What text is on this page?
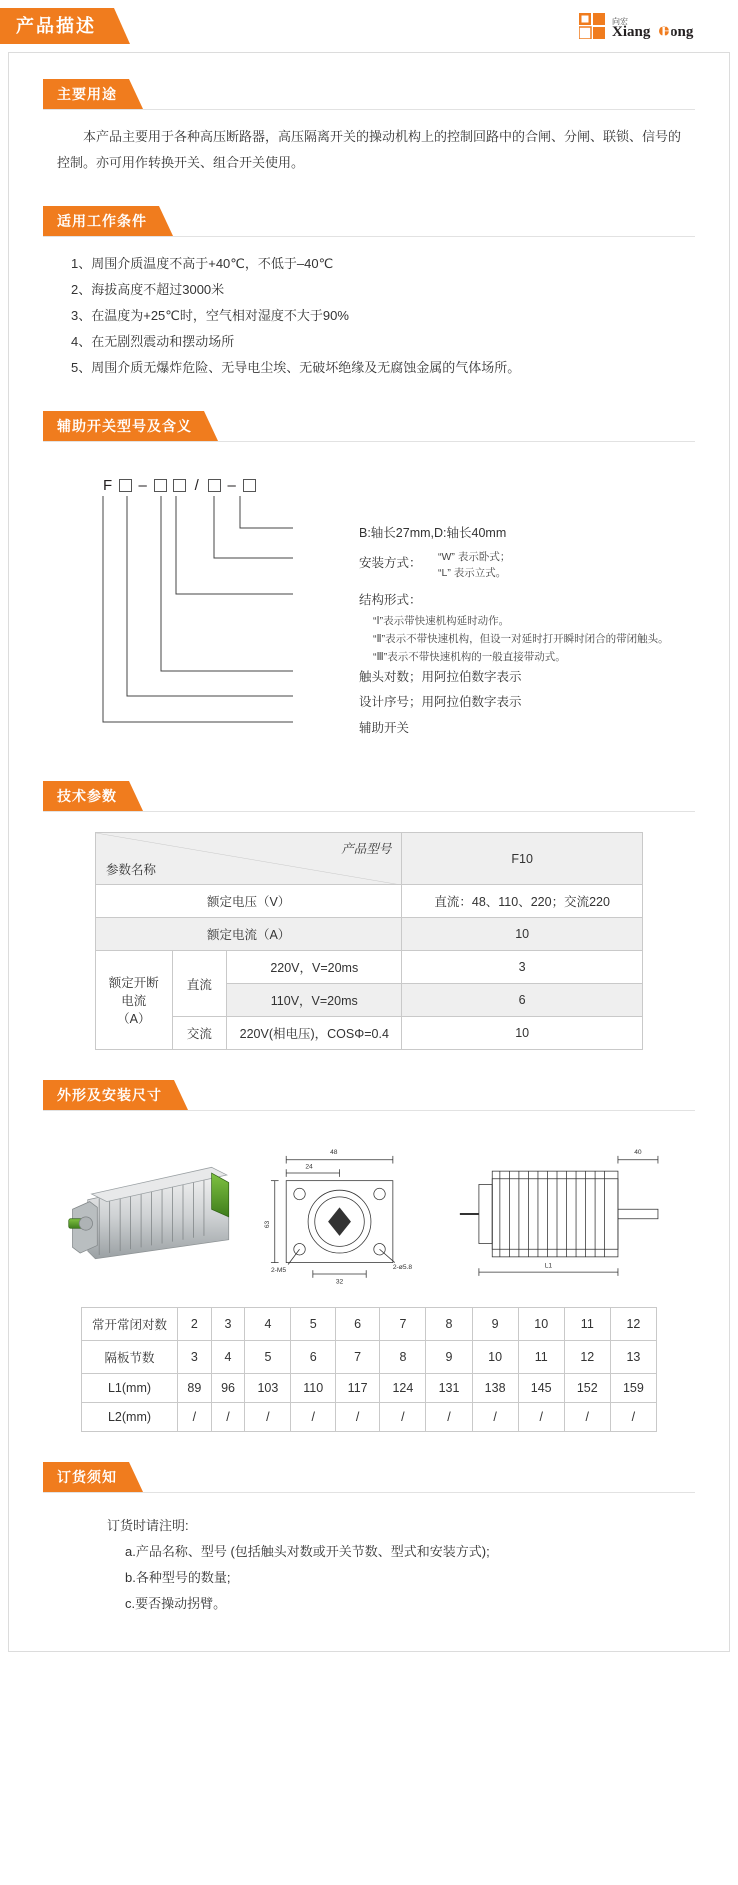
产品描述	向宏
Xiang ong
H
主要用途

本产品主要用于各种高压断路器，高压隔离开关的操动机构上的控制回路中的合闸、分闸、联锁、信号的控制。亦可用作转换开关、组合开关使用。

适用工作条件

1、周围介质温度不高于+40℃，不低于–40℃

2、海拔高度不超过3000米

3、在温度为+25℃时，空气相对湿度不大于90%

4、在无剧烈震动和摆动场所

5、周围介质无爆炸危险、无导电尘埃、无破坏绝缘及无腐蚀金属的气体场所。

辅助开关型号及含义
F –	/ –
B:轴长27mm,D:轴长40mm
安装方式： “W” 表示卧式；
“L” 表示立式。
结构形式：
“Ⅰ”表示带快速机构延时动作。
“Ⅱ”表示不带快速机构，但设一对延时打开瞬时闭合的带闭触头。
“Ⅲ”表示不带快速机构的一般直接带动式。
触头对数；用阿拉伯数字表示
设计序号；用阿拉伯数字表示
辅助开关
技术参数
产品型号
参数名称			F10
额定电压（V）			直流：48、110、220；交流220
额定电流（A）			10

额定开断
电流
（A）	直流	220V，V=20ms	3
		110V，V=20ms	6
	交流	220V(相电压)，COSΦ=0.4	10
外形及安装尺寸
48
24
63
32
2-M5	2-ø5.8
40
L1
常开常闭对数	2	3	4	5	6	7	8	9	10	11	12
隔板节数	3	4	5	6	7	8	9	10	11	12	13
L1(mm)	89	96	103	110	117	124	131	138	145	152	159
L2(mm)	/	/	/	/	/	/	/	/	/	/	/
订货须知

订货时请注明:

a.产品名称、型号 (包括触头对数或开关节数、型式和安装方式);

b.各种型号的数量;

c.要否操动拐臂。
